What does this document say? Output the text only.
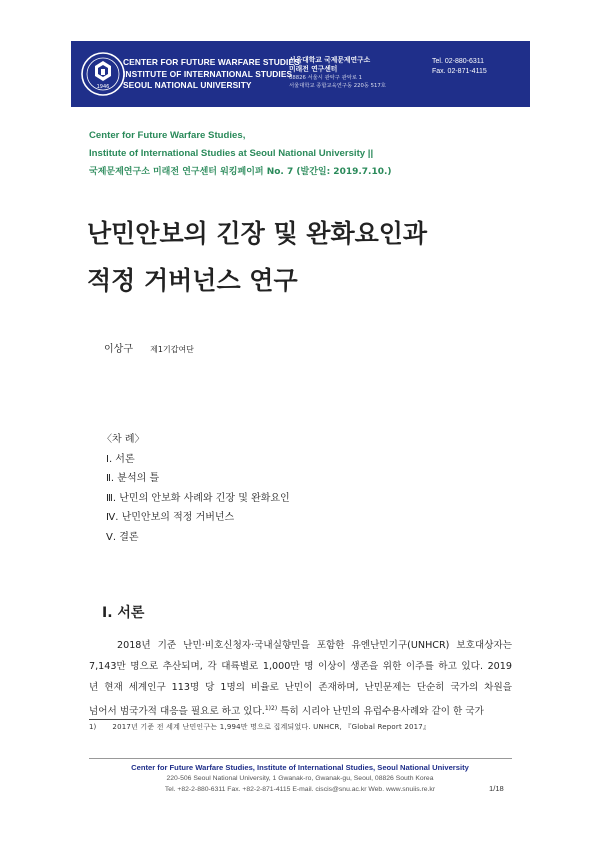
1946
CENTER FOR FUTURE WARFARE STUDIES
INSTITUTE OF INTERNATIONAL STUDIES
SEOUL NATIONAL UNIVERSITY
서울대학교 국제문제연구소
미래전 연구센터
08826 서울시 관악구 관악로 1
서울대학교 종합교육연구동 220동 517호
Tel. 02-880-6311
Fax. 02-871-4115
Center for Future Warfare Studies,
Institute of International Studies at Seoul National University ||
국제문제연구소 미래전 연구센터 워킹페이퍼 No. 7 (발간일: 2019.7.10.)
난민안보의 긴장 및 완화요인과
적정 거버넌스 연구
이상구 제1기갑여단
〈차 례〉
Ⅰ. 서론
Ⅱ. 분석의 틀
Ⅲ. 난민의 안보화 사례와 긴장 및 완화요인
Ⅳ. 난민안보의 적정 거버넌스
Ⅴ. 결론
Ⅰ. 서론
2018년 기준 난민·비호신청자·국내실향민을 포함한 유엔난민기구(UNHCR) 보호대상자는
7,143만 명으로 추산되며, 각 대륙별로 1,000만 명 이상이 생존을 위한 이주를 하고 있다. 2019
년 현재 세계인구 113명 당 1명의 비율로 난민이 존재하며, 난민문제는 단순히 국가의 차원을
넘어서 범국가적 대응을 필요로 하고 있다.$^{1)2)}$ 특히 시리아 난민의 유럽수용사례와 같이 한 국가
1) 2017년 기준 전 세계 난민인구는 1,994만 명으로 집계되었다. UNHCR, 『Global Report 2017』
Center for Future Warfare Studies, Institute of International Studies, Seoul National University
220-506 Seoul National University, 1 Gwanak-ro, Gwanak-gu, Seoul, 08826 South Korea
Tel. +82-2-880-6311 Fax. +82-2-871-4115 E-mail. ciscis@snu.ac.kr Web. www.snuiis.re.kr	1/18
